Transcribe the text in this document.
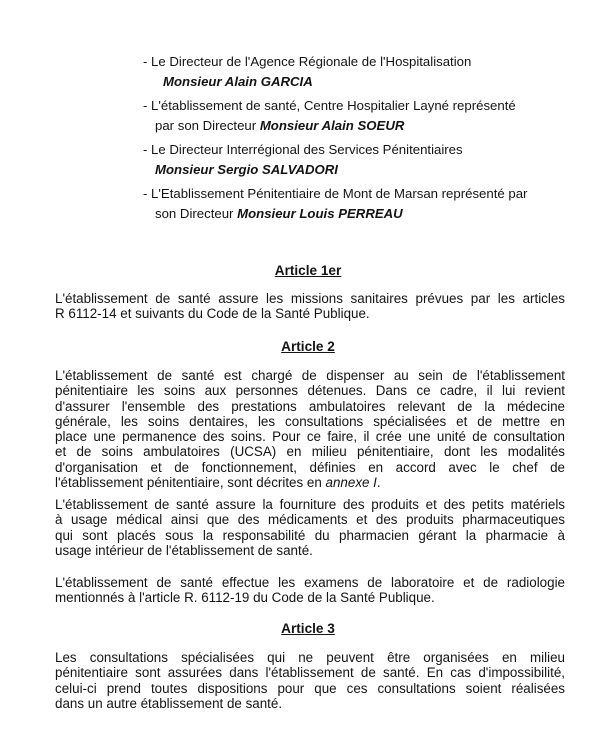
- Le Directeur de l'Agence Régionale de l'Hospitalisation
Monsieur Alain GARCIA
- L'établissement de santé, Centre Hospitalier Layné représenté
par son Directeur Monsieur Alain SOEUR
- Le Directeur Interrégional des Services Pénitentiaires
Monsieur Sergio SALVADORI
- L'Etablissement Pénitentiaire de Mont de Marsan représenté par
son Directeur Monsieur Louis PERREAU
Article 1er
L'établissement de santé assure les missions sanitaires prévues par les articles
R 6112-14 et suivants du Code de la Santé Publique.
Article 2
L'établissement de santé est chargé de dispenser au sein de l'établissement
pénitentiaire les soins aux personnes détenues. Dans ce cadre, il lui revient
d'assurer l'ensemble des prestations ambulatoires relevant de la médecine
générale, les soins dentaires, les consultations spécialisées et de mettre en
place une permanence des soins. Pour ce faire, il crée une unité de consultation
et de soins ambulatoires (UCSA) en milieu pénitentiaire, dont les modalités
d'organisation et de fonctionnement, définies en accord avec le chef de
l'établissement pénitentiaire, sont décrites en annexe I.
L'établissement de santé assure la fourniture des produits et des petits matériels
à usage médical ainsi que des médicaments et des produits pharmaceutiques
qui sont placés sous la responsabilité du pharmacien gérant la pharmacie à
usage intérieur de l'établissement de santé.
L'établissement de santé effectue les examens de laboratoire et de radiologie
mentionnés à l'article R. 6112-19 du Code de la Santé Publique.
Article 3
Les consultations spécialisées qui ne peuvent être organisées en milieu
pénitentiaire sont assurées dans l'établissement de santé. En cas d'impossibilité,
celui-ci prend toutes dispositions pour que ces consultations soient réalisées
dans un autre établissement de santé.
